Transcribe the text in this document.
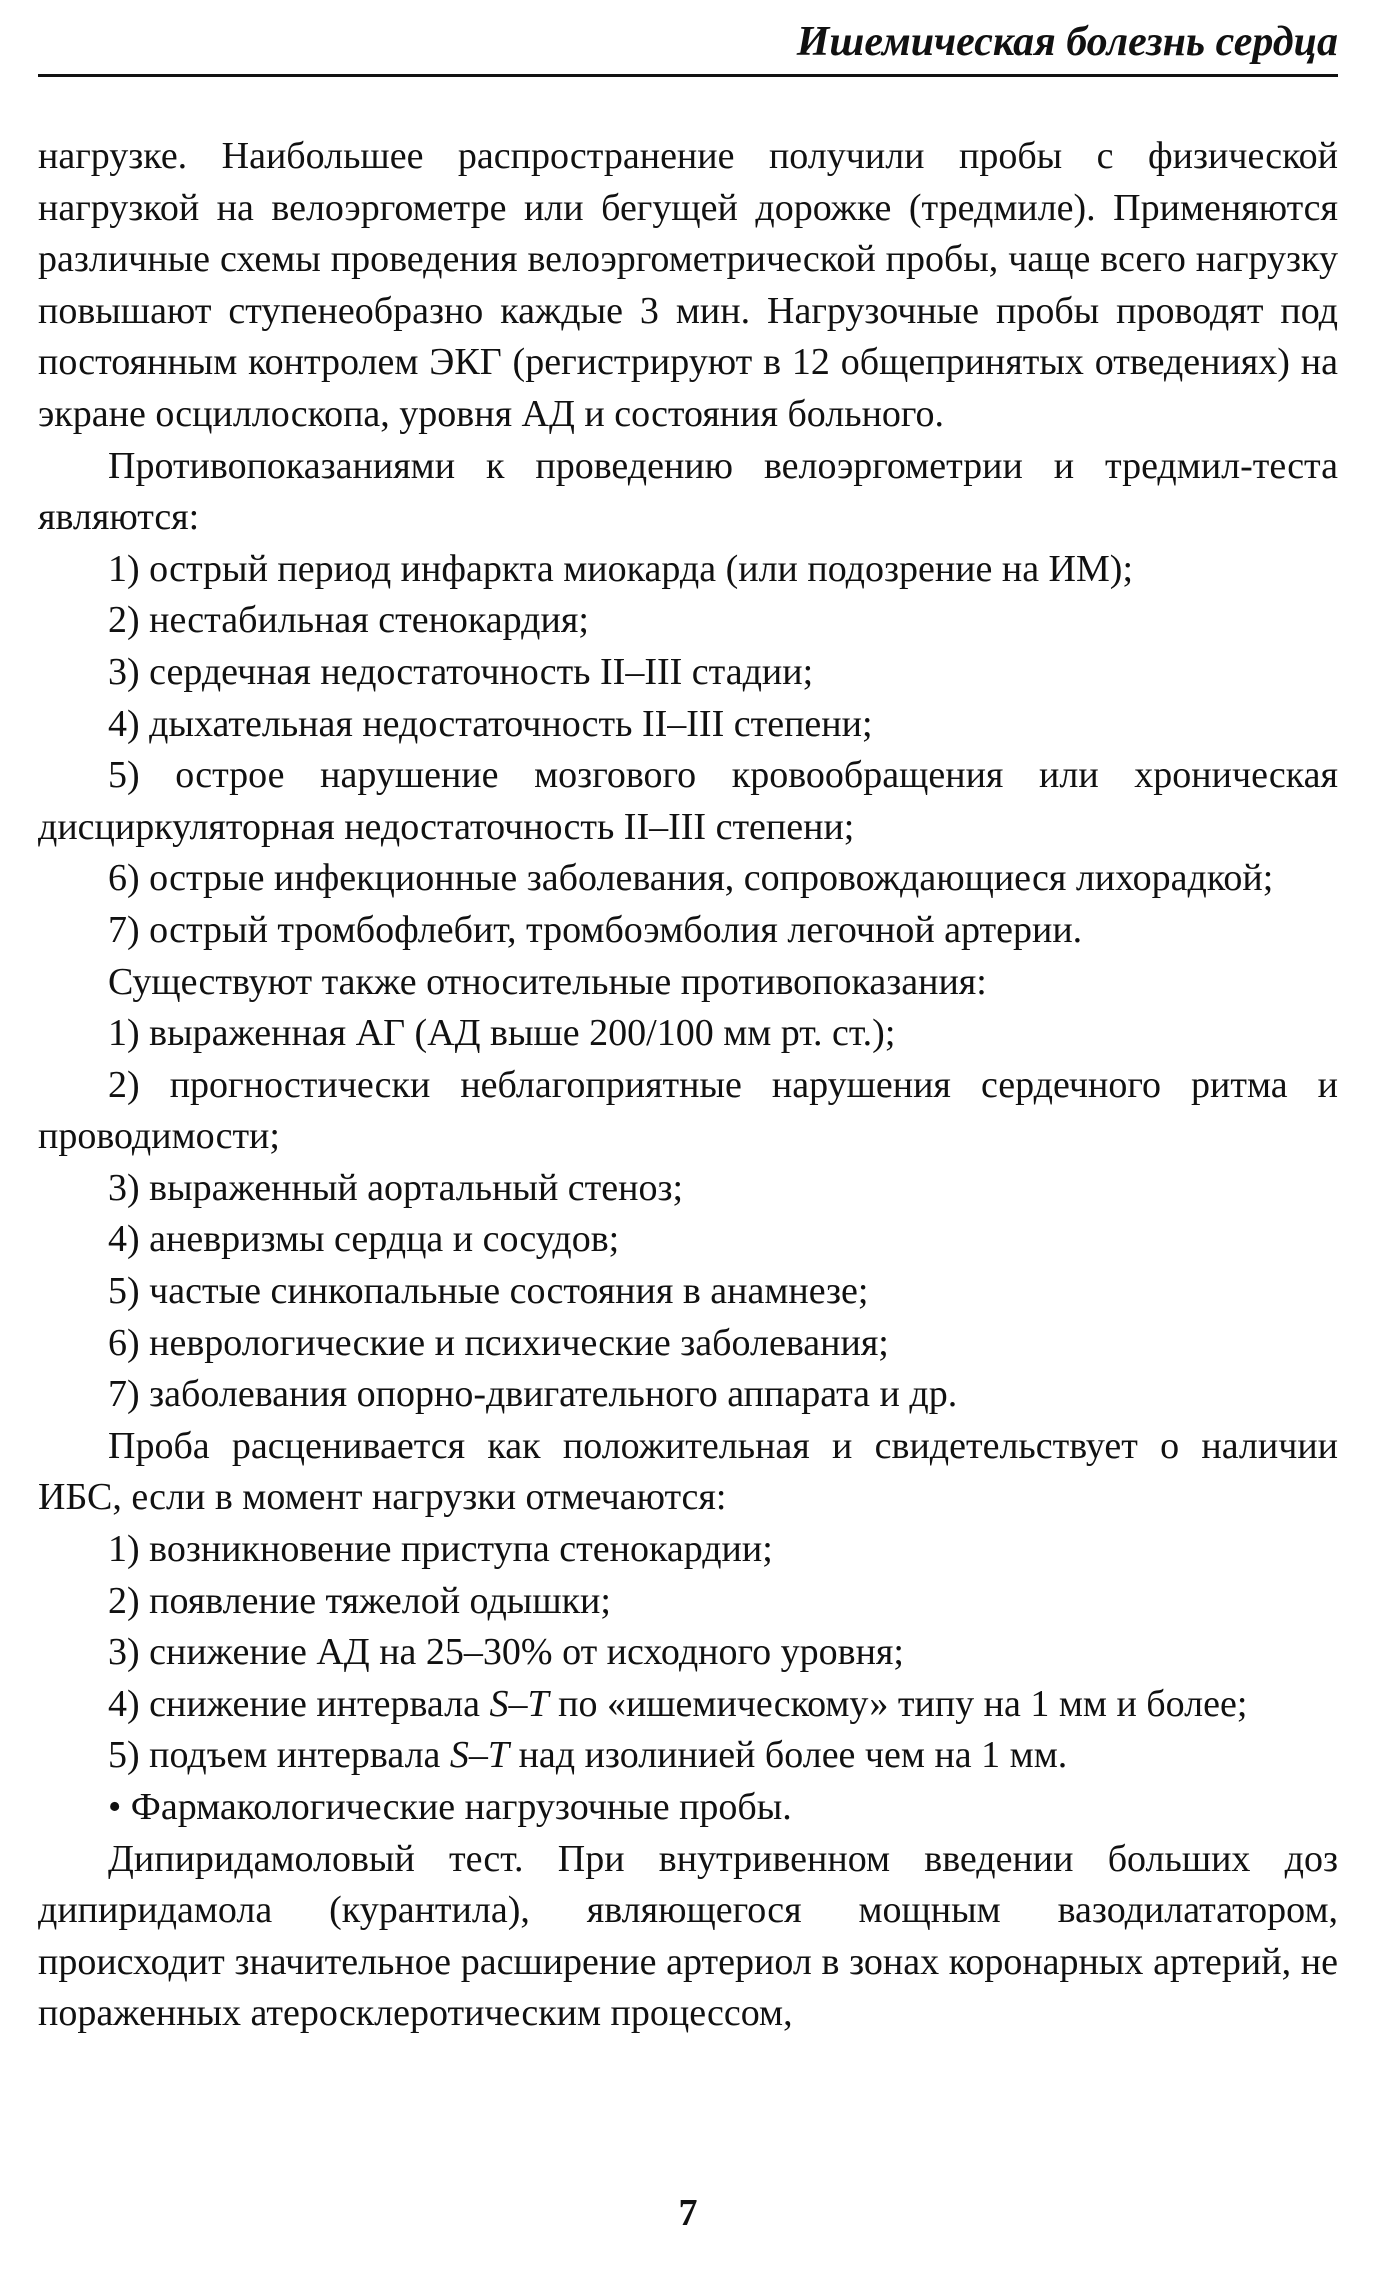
Ишемическая болезнь сердца

нагрузке. Наибольшее распространение получили пробы с физической нагрузкой на велоэргометре или бегущей дорожке (тредмиле). Применяются различные схемы проведения велоэргометрической пробы, чаще всего нагрузку повышают ступенеобразно каждые 3 мин. Нагрузочные пробы проводят под постоянным контролем ЭКГ (регистрируют в 12 общепринятых отведениях) на экране осциллоскопа, уровня АД и состояния больного.

Противопоказаниями к проведению велоэргометрии и тредмил-теста являются:

1) острый период инфаркта миокарда (или подозрение на ИМ);

2) нестабильная стенокардия;

3) сердечная недостаточность II–III стадии;

4) дыхательная недостаточность II–III степени;

5) острое нарушение мозгового кровообращения или хроническая дисциркуляторная недостаточность II–III степени;

6) острые инфекционные заболевания, сопровождающиеся лихорадкой;

7) острый тромбофлебит, тромбоэмболия легочной артерии.

Существуют также относительные противопоказания:

1) выраженная АГ (АД выше 200/100 мм рт. ст.);

2) прогностически неблагоприятные нарушения сердечного ритма и проводимости;

3) выраженный аортальный стеноз;

4) аневризмы сердца и сосудов;

5) частые синкопальные состояния в анамнезе;

6) неврологические и психические заболевания;

7) заболевания опорно-двигательного аппарата и др.

Проба расценивается как положительная и свидетельствует о наличии ИБС, если в момент нагрузки отмечаются:

1) возникновение приступа стенокардии;

2) появление тяжелой одышки;

3) снижение АД на 25–30% от исходного уровня;

4) снижение интервала S–T по «ишемическому» типу на 1 мм и более;

5) подъем интервала S–T над изолинией более чем на 1 мм.

• Фармакологические нагрузочные пробы.

Дипиридамоловый тест. При внутривенном введении больших доз дипиридамола (курантила), являющегося мощным вазодилататором, происходит значительное расширение артериол в зонах коронарных артерий, не пораженных атеросклеротическим процессом,

7
